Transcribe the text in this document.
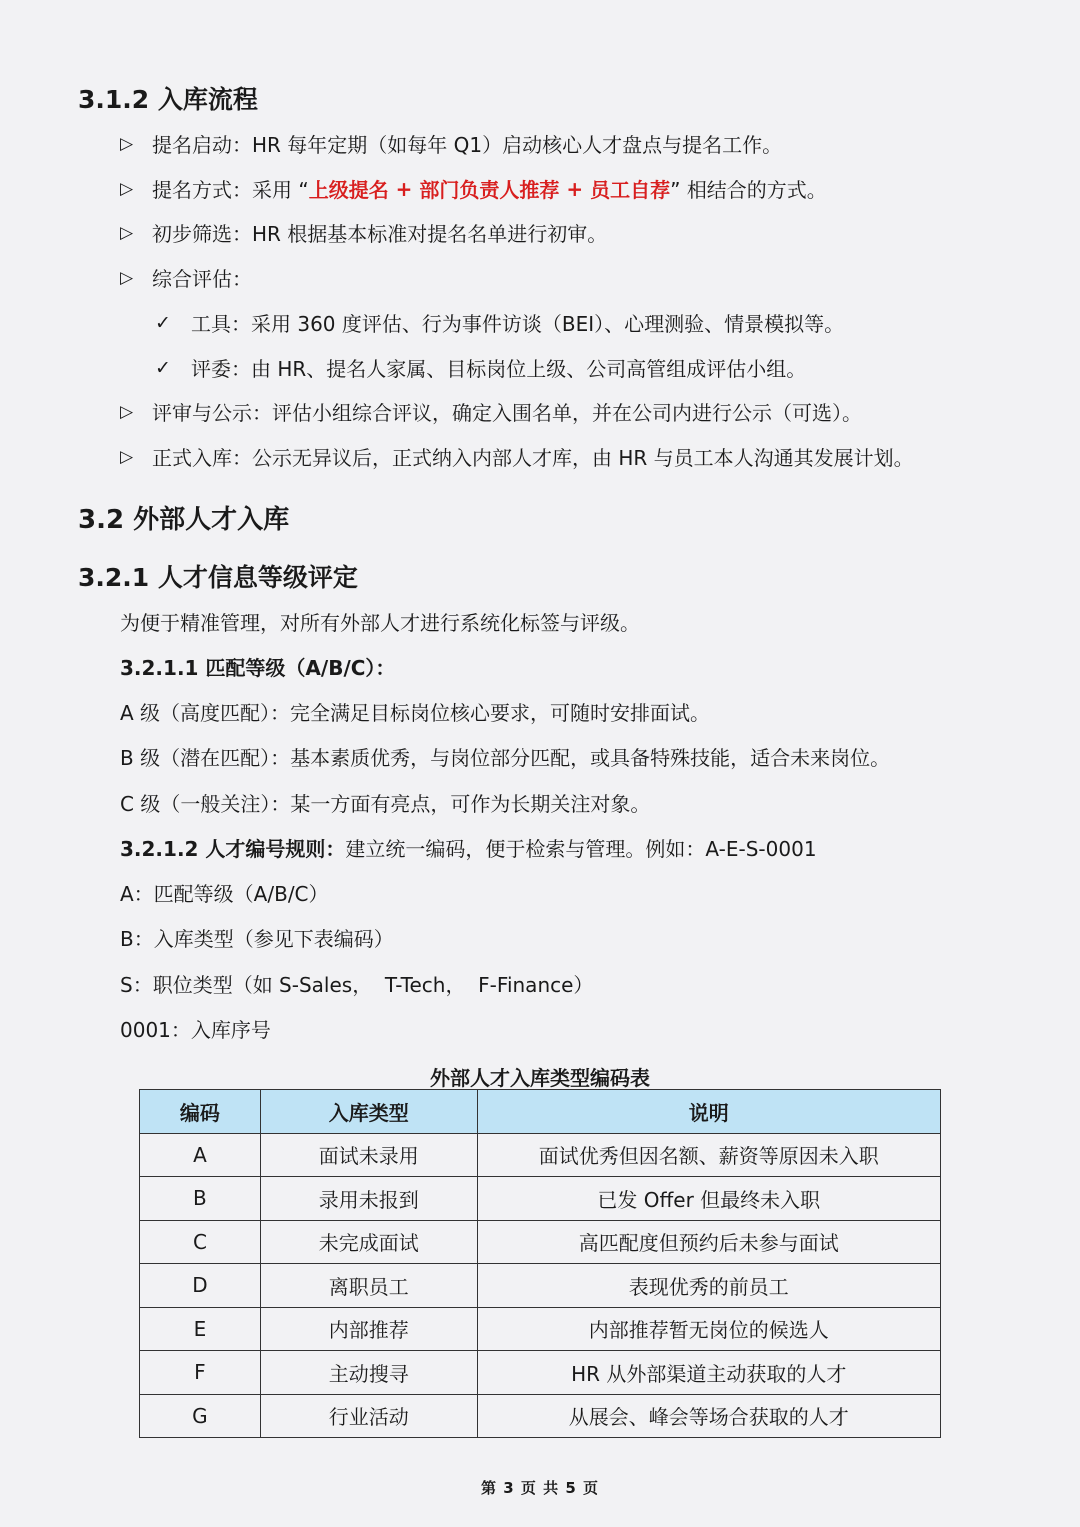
3.1.2 入库流程
▷ 提名启动：HR 每年定期（如每年 Q1）启动核心人才盘点与提名工作。
▷ 提名方式：采用 “ 上级提名 + 部门负责人推荐 + 员工自荐 ” 相结合的方式。
▷ 初步筛选：HR 根据基本标准对提名名单进行初审。
▷ 综合评估：
✓	工具：采用 360 度评估、行为事件访谈（BEI）、心理测验、情景模拟等。
✓	评委：由 HR、提名人家属、目标岗位上级、公司高管组成评估小组。
▷ 评审与公示：评估小组综合评议，确定入围名单，并在公司内进行公示（可选）。
▷ 正式入库：公示无异议后，正式纳入内部人才库，由 HR 与员工本人沟通其发展计划。
3.2 外部人才入库
3.2.1 人才信息等级评定
为便于精准管理，对所有外部人才进行系统化标签与评级。
3.2.1.1 匹配等级（A/B/C）：
A 级（高度匹配）：完全满足目标岗位核心要求，可随时安排面试。
B 级（潜在匹配）：基本素质优秀，与岗位部分匹配，或具备特殊技能，适合未来岗位。
C 级（一般关注）：某一方面有亮点，可作为长期关注对象。
3.2.1.2 人才编号规则：建立统一编码，便于检索与管理。例如：A-E-S-0001
A：匹配等级（A/B/C）
B：入库类型（参见下表编码）
S：职位类型（如 S-Sales，  T-Tech，  F-Finance）
0001：入库序号
外部人才入库类型编码表
编码	入库类型	说明
A	面试未录用	面试优秀但因名额、薪资等原因未入职
B	录用未报到	已发 Offer 但最终未入职
C	未完成面试	高匹配度但预约后未参与面试
D	离职员工	表现优秀的前员工
E	内部推荐	内部推荐暂无岗位的候选人
F	主动搜寻	HR 从外部渠道主动获取的人才
G	行业活动	从展会、峰会等场合获取的人才
第 3 页 共 5 页
